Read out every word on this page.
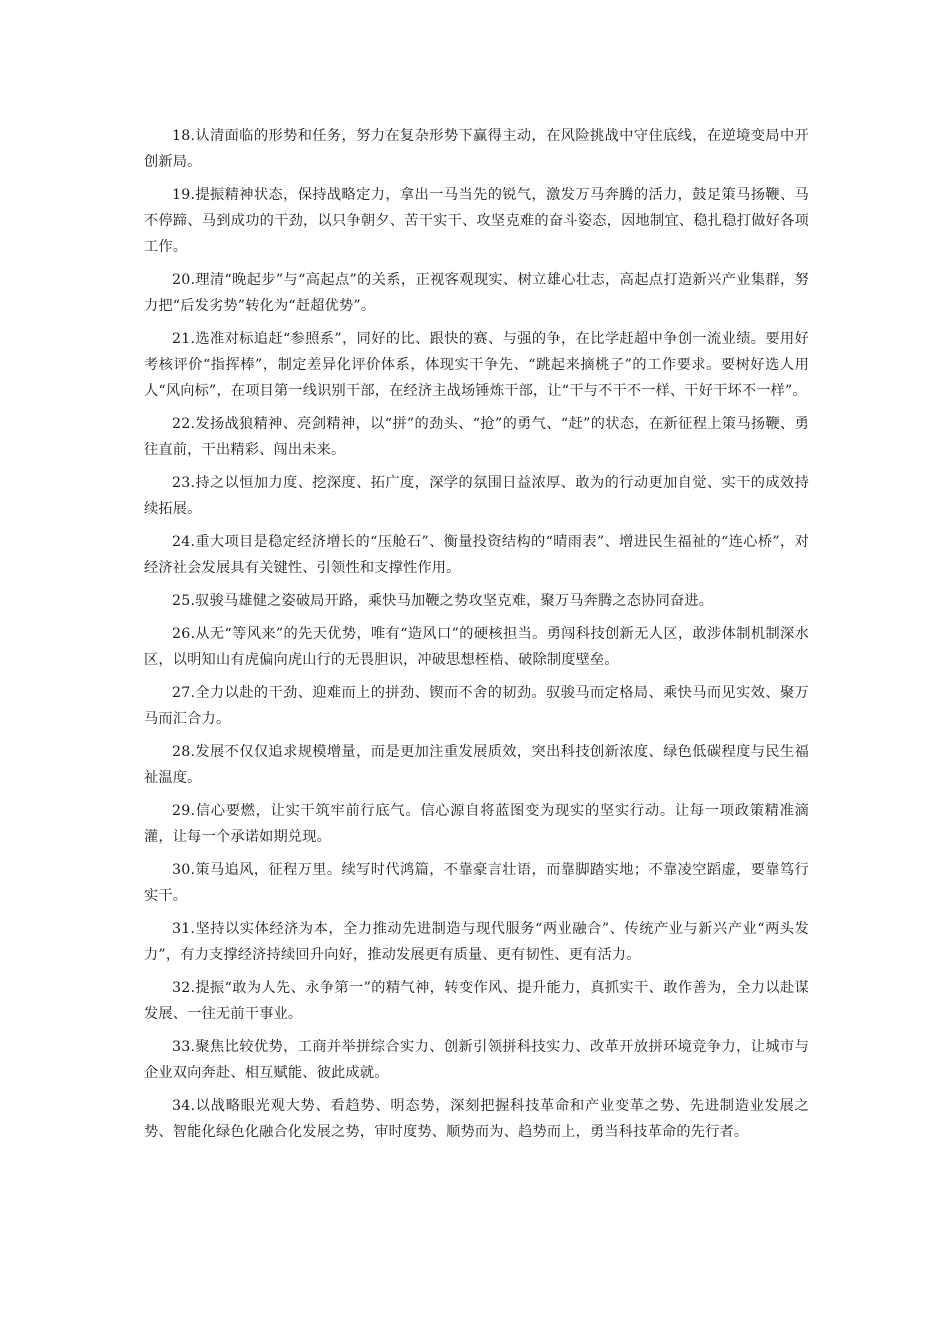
18.认清面临的形势和任务，努力在复杂形势下赢得主动，在风险挑战中守住底线，在逆境变局中开创新局。

19.提振精神状态，保持战略定力，拿出一马当先的锐气，激发万马奔腾的活力，鼓足策马扬鞭、马不停蹄、马到成功的干劲，以只争朝夕、苦干实干、攻坚克难的奋斗姿态，因地制宜、稳扎稳打做好各项工作。

20.理清“晚起步”与“高起点”的关系，正视客观现实、树立雄心壮志，高起点打造新兴产业集群，努力把“后发劣势”转化为“赶超优势”。

21.选准对标追赶“参照系”，同好的比、跟快的赛、与强的争，在比学赶超中争创一流业绩。要用好考核评价“指挥棒”，制定差异化评价体系，体现实干争先、“跳起来摘桃子”的工作要求。要树好选人用人“风向标”，在项目第一线识别干部，在经济主战场锤炼干部，让“干与不干不一样、干好干坏不一样”。

22.发扬战狼精神、亮剑精神，以“拼”的劲头、“抢”的勇气、“赶”的状态，在新征程上策马扬鞭、勇往直前，干出精彩、闯出未来。

23.持之以恒加力度、挖深度、拓广度，深学的氛围日益浓厚、敢为的行动更加自觉、实干的成效持续拓展。

24.重大项目是稳定经济增长的“压舱石”、衡量投资结构的“晴雨表”、增进民生福祉的“连心桥”，对经济社会发展具有关键性、引领性和支撑性作用。

25.驭骏马雄健之姿破局开路，乘快马加鞭之势攻坚克难，聚万马奔腾之态协同奋进。

26.从无“等风来”的先天优势，唯有“造风口”的硬核担当。勇闯科技创新无人区，敢涉体制机制深水区，以明知山有虎偏向虎山行的无畏胆识，冲破思想桎梏、破除制度壁垒。

27.全力以赴的干劲、迎难而上的拼劲、锲而不舍的韧劲。驭骏马而定格局、乘快马而见实效、聚万马而汇合力。

28.发展不仅仅追求规模增量，而是更加注重发展质效，突出科技创新浓度、绿色低碳程度与民生福祉温度。

29.信心要燃，让实干筑牢前行底气。信心源自将蓝图变为现实的坚实行动。让每一项政策精准滴灌，让每一个承诺如期兑现。

30.策马追风，征程万里。续写时代鸿篇，不靠豪言壮语，而靠脚踏实地；不靠凌空蹈虚，要靠笃行实干。

31.坚持以实体经济为本，全力推动先进制造与现代服务“两业融合”、传统产业与新兴产业“两头发力”，有力支撑经济持续回升向好，推动发展更有质量、更有韧性、更有活力。

32.提振“敢为人先、永争第一”的精气神，转变作风、提升能力，真抓实干、敢作善为，全力以赴谋发展、一往无前干事业。

33.聚焦比较优势，工商并举拼综合实力、创新引领拼科技实力、改革开放拼环境竞争力，让城市与企业双向奔赴、相互赋能、彼此成就。

34.以战略眼光观大势、看趋势、明态势，深刻把握科技革命和产业变革之势、先进制造业发展之势、智能化绿色化融合化发展之势，审时度势、顺势而为、趋势而上，勇当科技革命的先行者。
